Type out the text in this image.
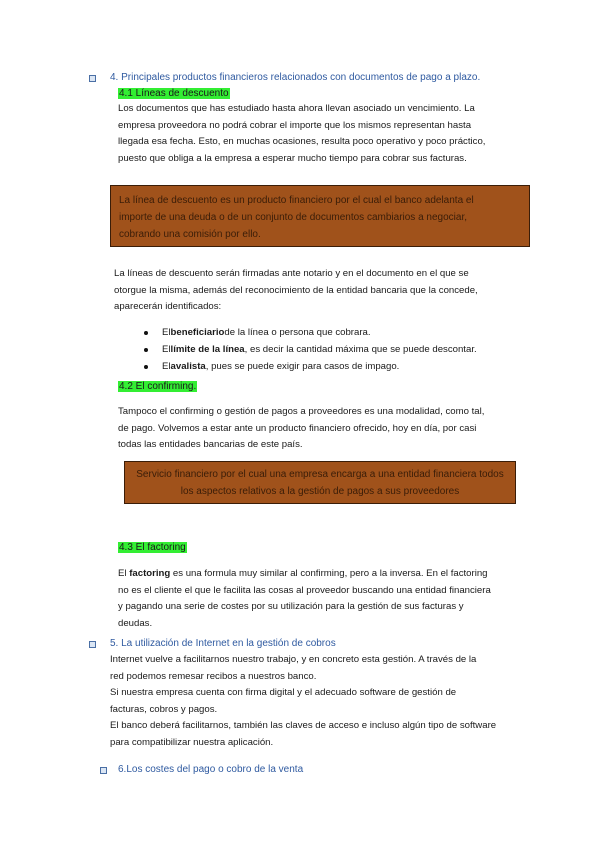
4. Principales productos financieros relacionados con documentos de pago a plazo.
4.1 Líneas de descuento
Los documentos que has estudiado hasta ahora llevan asociado un vencimiento. La
empresa proveedora no podrá cobrar el importe que los mismos representan hasta
llegada esa fecha. Esto, en muchas ocasiones, resulta poco operativo y poco práctico,
puesto que obliga a la empresa a esperar mucho tiempo para cobrar sus facturas.
La línea de descuento es un producto financiero por el cual el banco adelanta el
importe de una deuda o de un conjunto de documentos cambiarios a negociar,
cobrando una comisión por ello.
La líneas de descuento serán firmadas ante notario y en el documento en el que se
otorgue la misma, además del reconocimiento de la entidad bancaria que la concede,
aparecerán identificados:
El beneficiario de la línea o persona que cobrara.
El límite de la línea , es decir la cantidad máxima que se puede descontar.
El avalista , pues se puede exigir para casos de impago.
4.2 El confirming.
Tampoco el confirming o gestión de pagos a proveedores es una modalidad, como tal,
de pago. Volvemos a estar ante un producto financiero ofrecido, hoy en día, por casi
todas las entidades bancarias de este país.
Servicio financiero por el cual una empresa encarga a una entidad financiera todos
los aspectos relativos a la gestión de pagos a sus proveedores
4.3 El factoring
El factoring es una formula muy similar al confirming, pero a la inversa. En el factoring
no es el cliente el que le facilita las cosas al proveedor buscando una entidad financiera
y pagando una serie de costes por su utilización para la gestión de sus facturas y
deudas.
5. La utilización de Internet en la gestión de cobros
Internet vuelve a facilitarnos nuestro trabajo, y en concreto esta gestión. A través de la
red podemos remesar recibos a nuestros banco.
Si nuestra empresa cuenta con firma digital y el adecuado software de gestión de
facturas, cobros y pagos.
El banco deberá facilitarnos, también las claves de acceso e incluso algún tipo de software
para compatibilizar nuestra aplicación.
6.Los costes del pago o cobro de la venta
